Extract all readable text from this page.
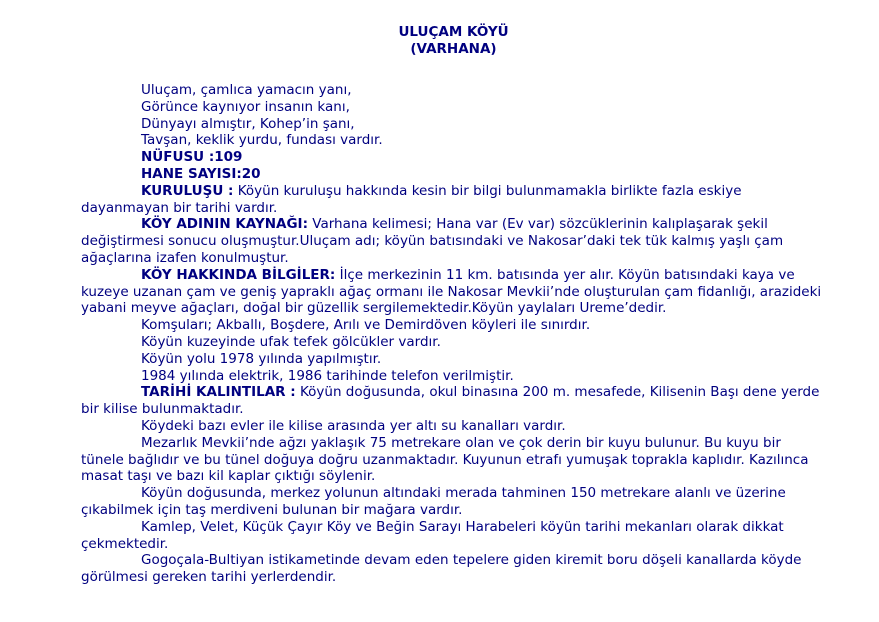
ULUÇAM KÖYÜ
(VARHANA)
Uluçam, çamlıca yamacın yanı,
Görünce kaynıyor insanın kanı,
Dünyayı almıştır, Kohep’in şanı,
Tavşan, keklik yurdu, fundası vardır.
NÜFUSU :109
HANE SAYISI:20

KURULUŞU : Köyün kuruluşu hakkında kesin bir bilgi bulunmamakla birlikte fazla eskiye dayanmayan bir tarihi vardır.

KÖY ADININ KAYNAĞI: Varhana kelimesi; Hana var (Ev var) sözcüklerinin kalıplaşarak şekil değiştirmesi sonucu oluşmuştur.Uluçam adı; köyün batısındaki ve Nakosar’daki tek tük kalmış yaşlı çam ağaçlarına izafen konulmuştur.

KÖY HAKKINDA BİLGİLER: İlçe merkezinin 11 km. batısında yer alır. Köyün batısındaki kaya ve kuzeye uzanan çam ve geniş yapraklı ağaç ormanı ile Nakosar Mevkii’nde oluşturulan çam fidanlığı, arazideki yabani meyve ağaçları, doğal bir güzellik sergilemektedir.Köyün yaylaları Ureme’dedir.

Komşuları; Akballı, Boşdere, Arılı ve Demirdöven köyleri ile sınırdır.

Köyün kuzeyinde ufak tefek gölcükler vardır.

Köyün yolu 1978 yılında yapılmıştır.

1984 yılında elektrik, 1986 tarihinde telefon verilmiştir.

TARİHİ KALINTILAR : Köyün doğusunda, okul binasına 200 m. mesafede, Kilisenin Başı dene yerde bir kilise bulunmaktadır.

Köydeki bazı evler ile kilise arasında yer altı su kanalları vardır.

Mezarlık Mevkii’nde ağzı yaklaşık 75 metrekare olan ve çok derin bir kuyu bulunur. Bu kuyu bir tünele bağlıdır ve bu tünel doğuya doğru uzanmaktadır. Kuyunun etrafı yumuşak toprakla kaplıdır. Kazılınca masat taşı ve bazı kil kaplar çıktığı söylenir.

Köyün doğusunda, merkez yolunun altındaki merada tahminen 150 metrekare alanlı ve üzerine çıkabilmek için taş merdiveni bulunan bir mağara vardır.

Kamlep, Velet, Küçük Çayır Köy ve Beğin Sarayı Harabeleri köyün tarihi mekanları olarak dikkat çekmektedir.

Gogoçala-Bultiyan istikametinde devam eden tepelere giden kiremit boru döşeli kanallarda köyde görülmesi gereken tarihi yerlerdendir.
